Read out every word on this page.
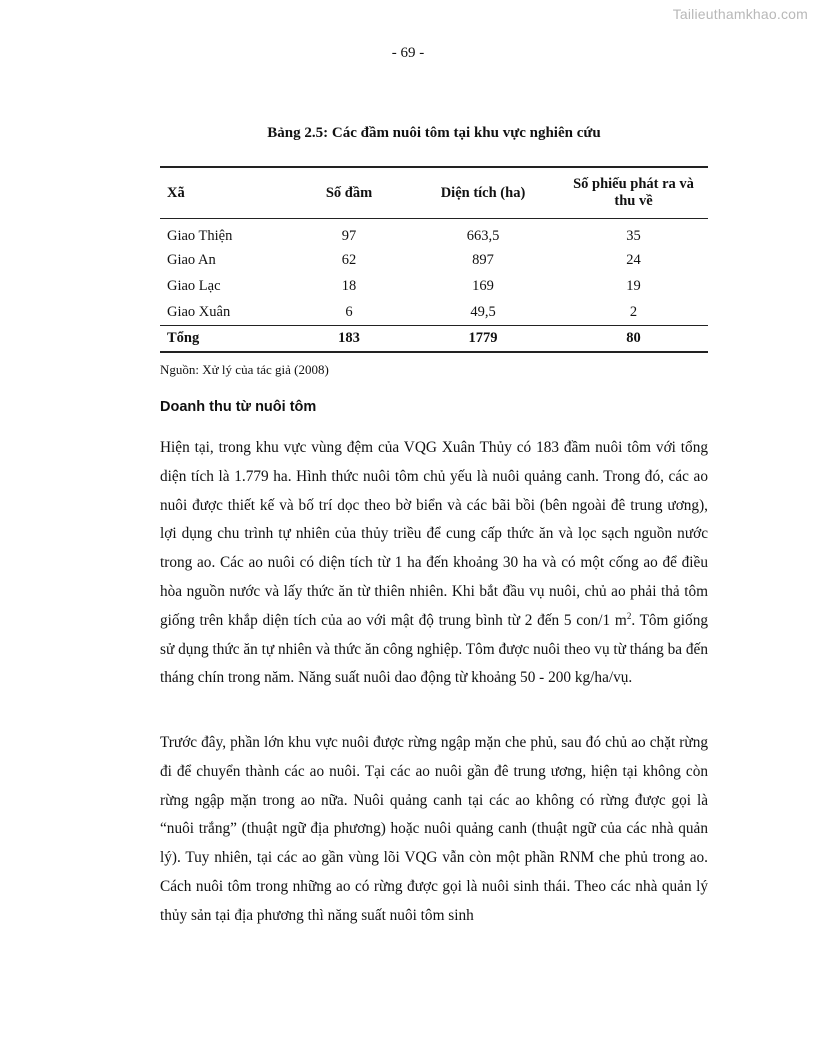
Tailieuthamkhao.com
- 69 -
Bảng 2.5: Các đầm nuôi tôm tại khu vực nghiên cứu
Xã	Số đầm	Diện tích (ha)	Số phiếu phát ra và thu về
Giao Thiện	97	663,5	35
Giao An	62	897	24
Giao Lạc	18	169	19
Giao Xuân	6	49,5	2
Tổng	183	1779	80
Nguồn: Xử lý của tác giả (2008)
Doanh thu từ nuôi tôm

Hiện tại, trong khu vực vùng đệm của VQG Xuân Thủy có 183 đầm nuôi tôm với tổng diện tích là 1.779 ha. Hình thức nuôi tôm chủ yếu là nuôi quảng canh. Trong đó, các ao nuôi được thiết kế và bố trí dọc theo bờ biển và các bãi bồi (bên ngoài đê trung ương), lợi dụng chu trình tự nhiên của thủy triều để cung cấp thức ăn và lọc sạch nguồn nước trong ao. Các ao nuôi có diện tích từ 1 ha đến khoảng 30 ha và có một cống ao để điều hòa nguồn nước và lấy thức ăn từ thiên nhiên. Khi bắt đầu vụ nuôi, chủ ao phải thả tôm giống trên khắp diện tích của ao với mật độ trung bình từ 2 đến 5 con/1 $m^2$. Tôm giống sử dụng thức ăn tự nhiên và thức ăn công nghiệp. Tôm được nuôi theo vụ từ tháng ba đến tháng chín trong năm. Năng suất nuôi dao động từ khoảng 50 - 200 kg/ha/vụ.

Trước đây, phần lớn khu vực nuôi được rừng ngập mặn che phủ, sau đó chủ ao chặt rừng đi để chuyển thành các ao nuôi. Tại các ao nuôi gần đê trung ương, hiện tại không còn rừng ngập mặn trong ao nữa. Nuôi quảng canh tại các ao không có rừng được gọi là “nuôi trắng” (thuật ngữ địa phương) hoặc nuôi quảng canh (thuật ngữ của các nhà quản lý). Tuy nhiên, tại các ao gần vùng lõi VQG vẫn còn một phần RNM che phủ trong ao. Cách nuôi tôm trong những ao có rừng được gọi là nuôi sinh thái. Theo các nhà quản lý thủy sản tại địa phương thì năng suất nuôi tôm sinh
